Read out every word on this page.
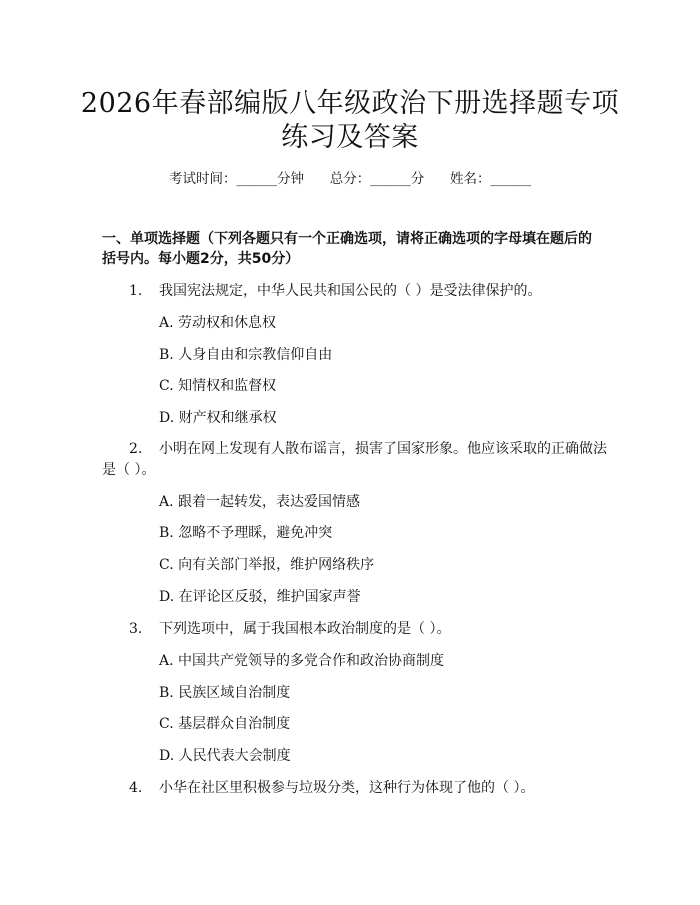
2026年春部编版八年级政治下册选择题专项
练习及答案
考试时间：______分钟      总分：______分      姓名：______
一、单项选择题（下列各题只有一个正确选项，请将正确选项的字母填在题后的
括号内。每小题2分，共50分）
1. 我国宪法规定，中华人民共和国公民的（ ）是受法律保护的。
A. 劳动权和休息权
B. 人身自由和宗教信仰自由
C. 知情权和监督权
D. 财产权和继承权
2. 小明在网上发现有人散布谣言，损害了国家形象。他应该采取的正确做法
是（ ）。
A. 跟着一起转发，表达爱国情感
B. 忽略不予理睬，避免冲突
C. 向有关部门举报，维护网络秩序
D. 在评论区反驳，维护国家声誉
3. 下列选项中，属于我国根本政治制度的是（ ）。
A. 中国共产党领导的多党合作和政治协商制度
B. 民族区域自治制度
C. 基层群众自治制度
D. 人民代表大会制度
4. 小华在社区里积极参与垃圾分类，这种行为体现了他的（ ）。
